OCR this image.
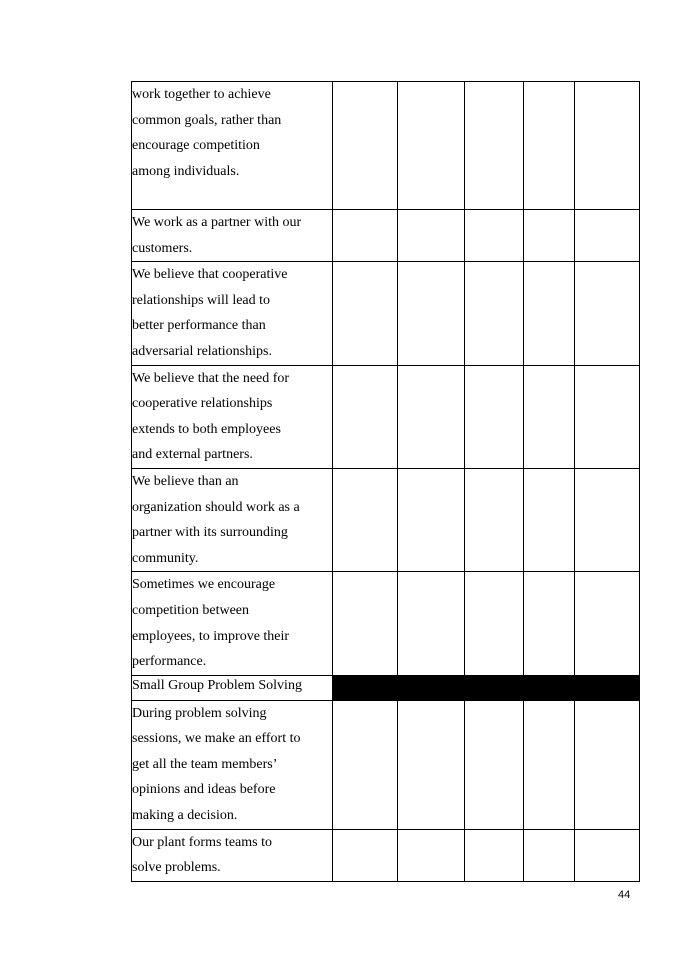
work together to achieve
common goals, rather than
encourage competition
among individuals.					

We work as a partner with our
customers.					

We believe that cooperative
relationships will lead to
better performance than
adversarial relationships.					

We believe that the need for
cooperative relationships
extends to both employees
and external partners.					

We believe than an
organization should work as a
partner with its surrounding
community.					

Sometimes we encourage
competition between
employees, to improve their
performance.					

Small Group Problem Solving					

During problem solving
sessions, we make an effort to
get all the team members’
opinions and ideas before
making a decision.					

Our plant forms teams to
solve problems.					

44
